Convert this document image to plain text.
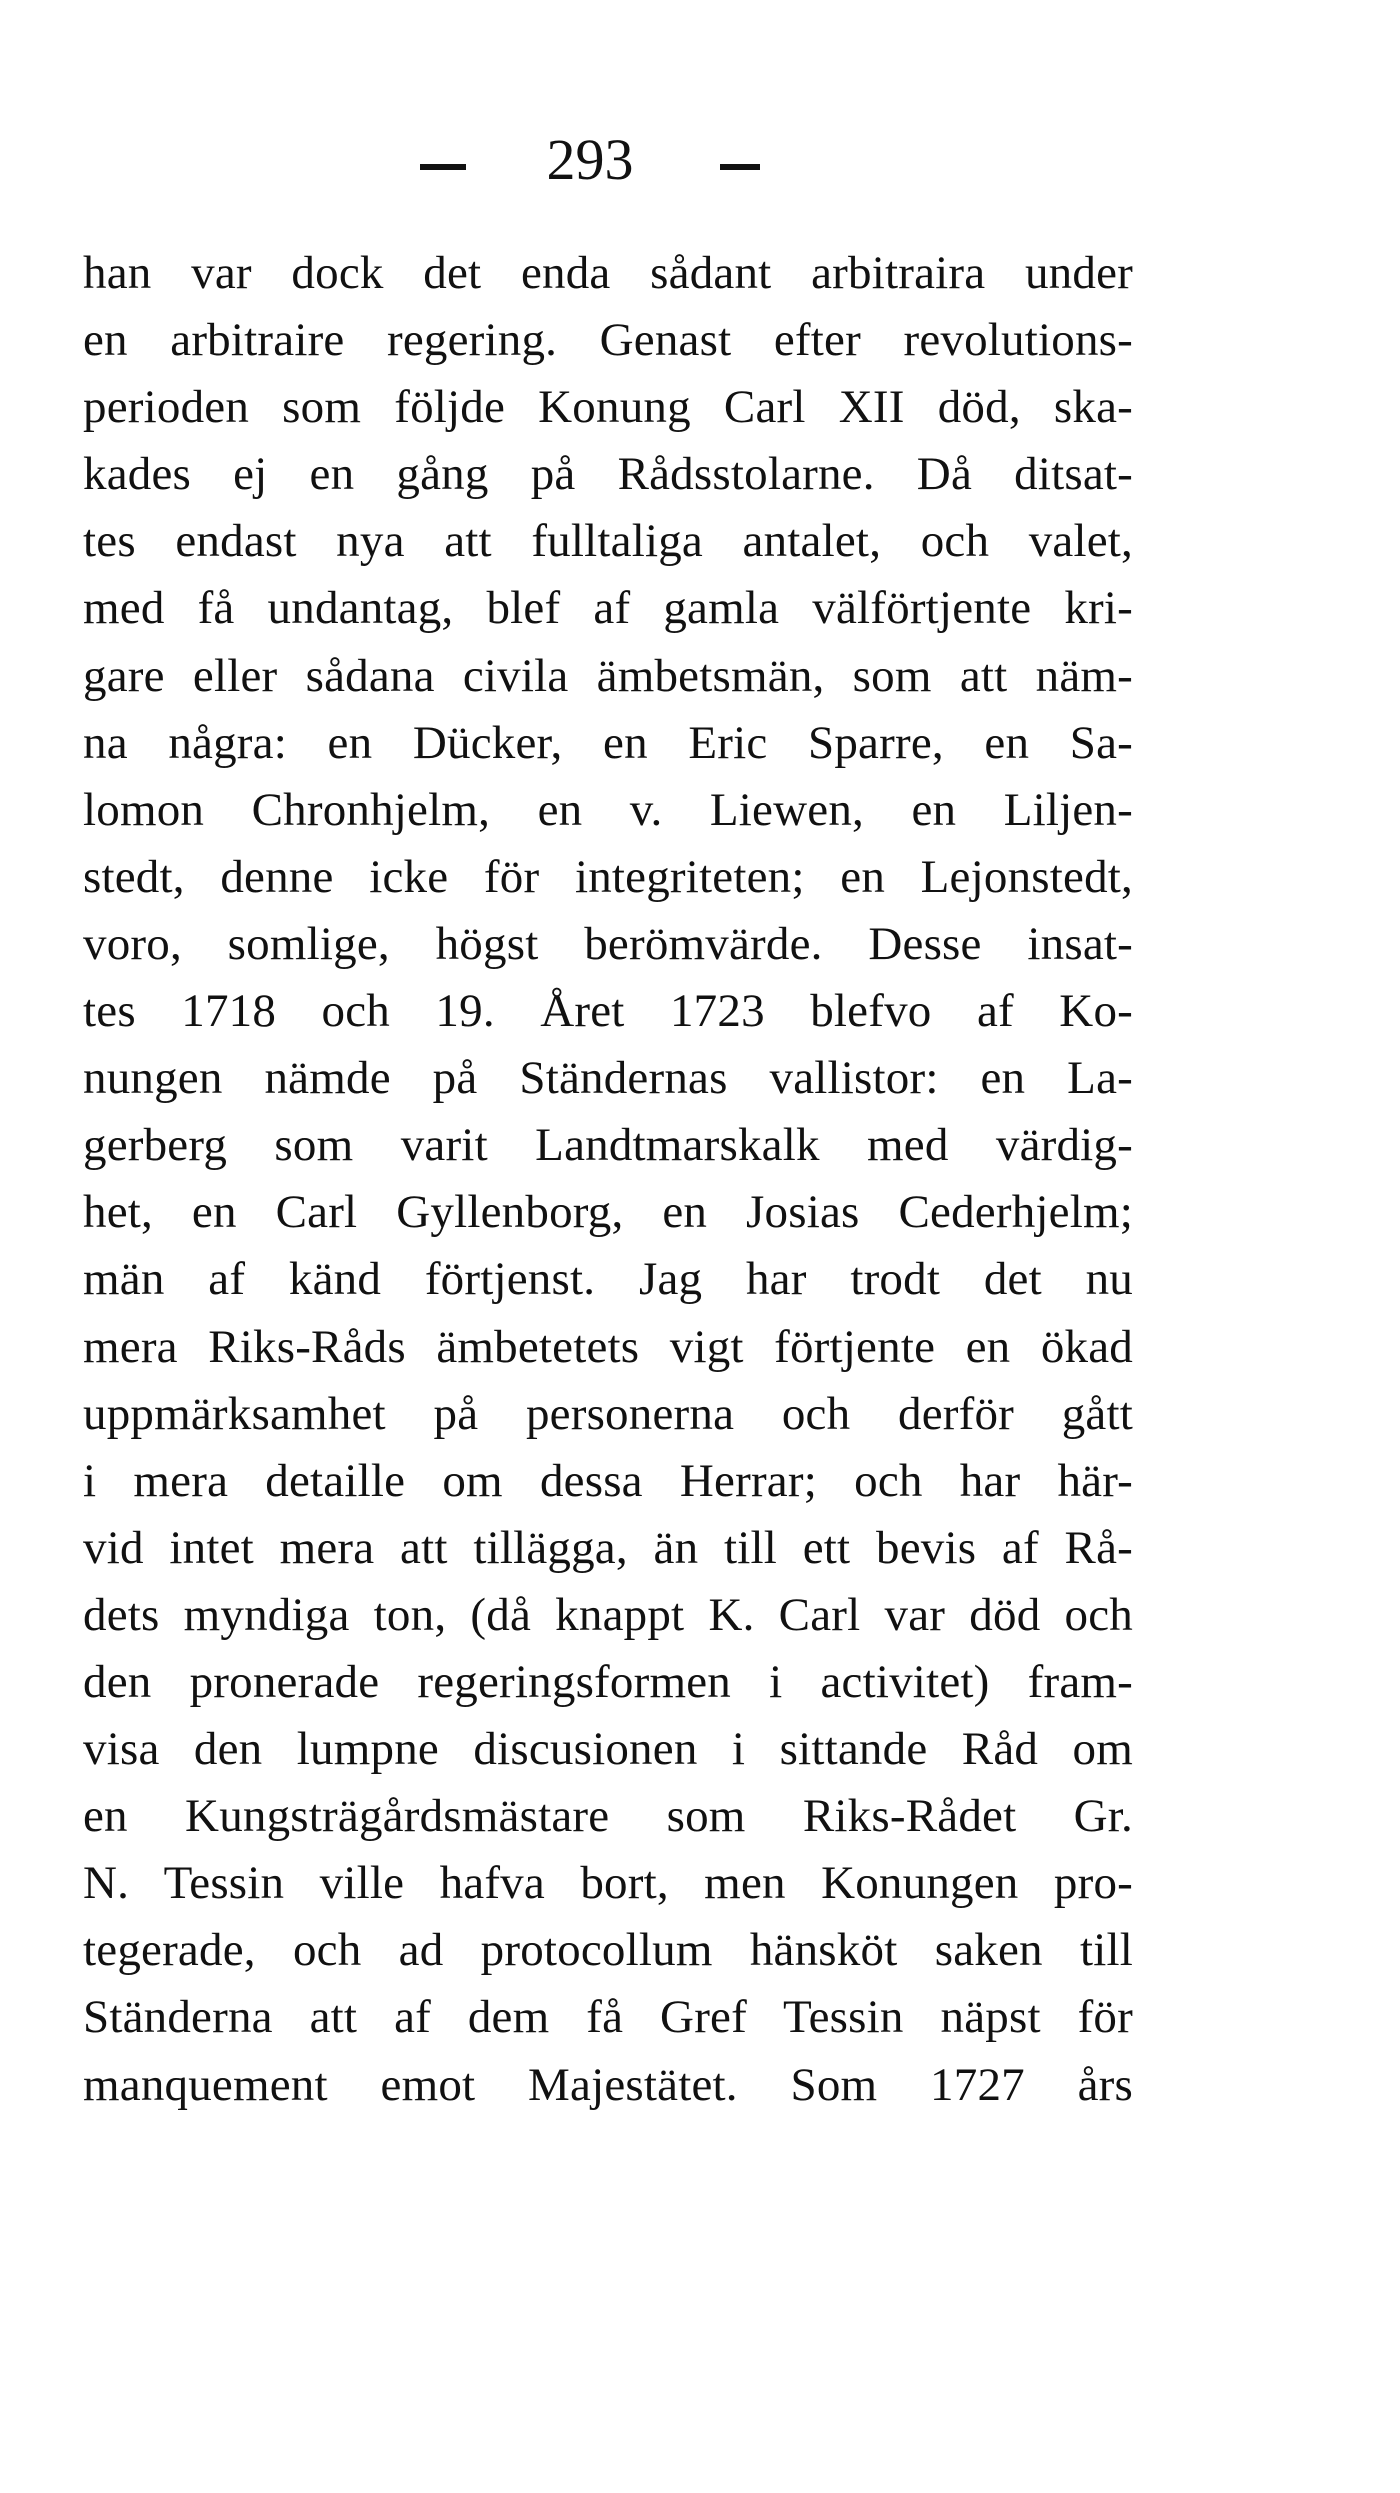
293
han var dock det enda sådant arbitraira under
en arbitraire regering. Genast efter revolutions-
perioden som följde Konung Carl XII död, ska-
kades ej en gång på Rådsstolarne. Då ditsat-
tes endast nya att fulltaliga antalet, och valet,
med få undantag, blef af gamla välförtjente kri-
gare eller sådana civila ämbetsmän, som att näm-
na några: en Dücker, en Eric Sparre, en Sa-
lomon Chronhjelm, en v. Liewen, en Liljen-
stedt, denne icke för integriteten; en Lejonstedt,
voro, somlige, högst berömvärde. Desse insat-
tes 1718 och 19. Året 1723 blefvo af Ko-
nungen nämde på Ständernas vallistor: en La-
gerberg som varit Landtmarskalk med värdig-
het, en Carl Gyllenborg, en Josias Cederhjelm;
män af känd förtjenst. Jag har trodt det nu
mera Riks-Råds ämbetetets vigt förtjente en ökad
uppmärksamhet på personerna och derför gått
i mera detaille om dessa Herrar; och har här-
vid intet mera att tillägga, än till ett bevis af Rå-
dets myndiga ton, (då knappt K. Carl var död och
den pronerade regeringsformen i activitet) fram-
visa den lumpne discusionen i sittande Råd om
en Kungsträgårdsmästare som Riks-Rådet Gr.
N. Tessin ville hafva bort, men Konungen pro-
tegerade, och ad protocollum hänsköt saken till
Ständerna att af dem få Gref Tessin näpst för
manquement emot Majestätet. Som 1727 års
